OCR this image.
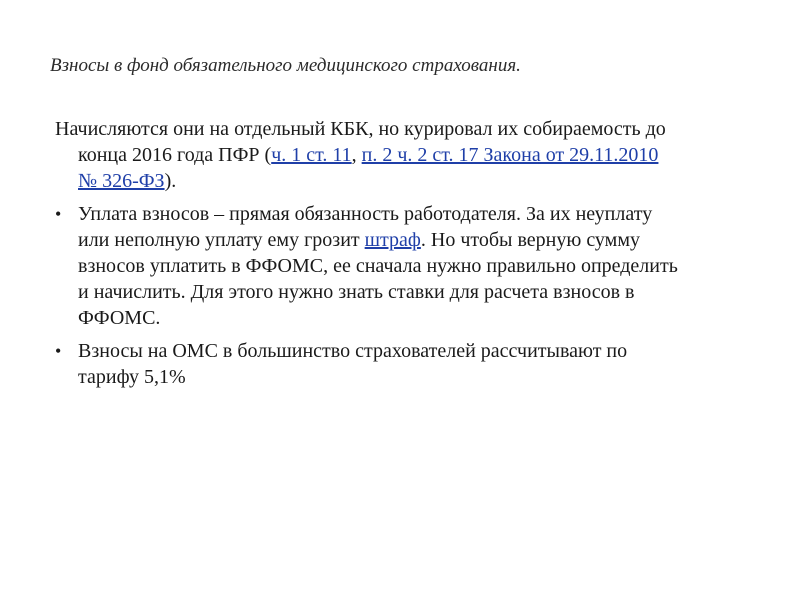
Взносы в фонд обязательного медицинского страхования.
Начисляются они на отдельный КБК, но курировал их собираемость до
конца 2016 года ПФР (ч. 1 ст. 11, п. 2 ч. 2 ст. 17 Закона от 29.11.2010
№ 326-ФЗ).
• Уплата взносов – прямая обязанность работодателя. За их неуплату
или неполную уплату ему грозит штраф. Но чтобы верную сумму
взносов уплатить в ФФОМС, ее сначала нужно правильно определить
и начислить. Для этого нужно знать ставки для расчета взносов в
ФФОМС.
• Взносы на ОМС в большинство страхователей рассчитывают по
тарифу 5,1%
